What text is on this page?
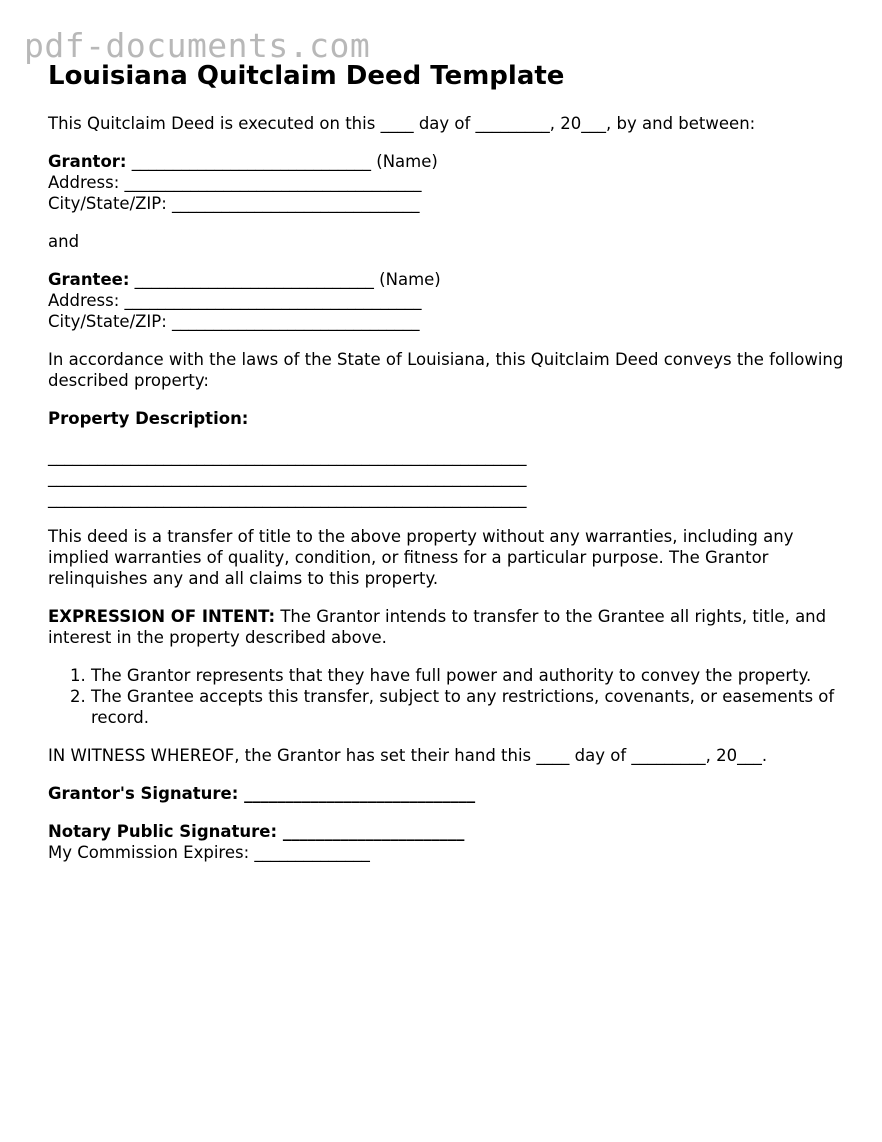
pdf-documents.com
Louisiana Quitclaim Deed Template

This Quitclaim Deed is executed on this ____ day of _________, 20___, by and between:

Grantor: _____________________________ (Name)
Address: ____________________________________
City/State/ZIP: ______________________________

and

Grantee: _____________________________ (Name)
Address: ____________________________________
City/State/ZIP: ______________________________

In accordance with the laws of the State of Louisiana, this Quitclaim Deed conveys the following described property:

Property Description:

__________________________________________________________
__________________________________________________________
__________________________________________________________

This deed is a transfer of title to the above property without any warranties, including any implied warranties of quality, condition, or fitness for a particular purpose. The Grantor relinquishes any and all claims to this property.

EXPRESSION OF INTENT: The Grantor intends to transfer to the Grantee all rights, title, and interest in the property described above.

1. The Grantor represents that they have full power and authority to convey the property.
2. The Grantee accepts this transfer, subject to any restrictions, covenants, or easements of record.

IN WITNESS WHEREOF, the Grantor has set their hand this ____ day of _________, 20___.

Grantor's Signature: ____________________________

Notary Public Signature: ______________________
My Commission Expires: ______________
